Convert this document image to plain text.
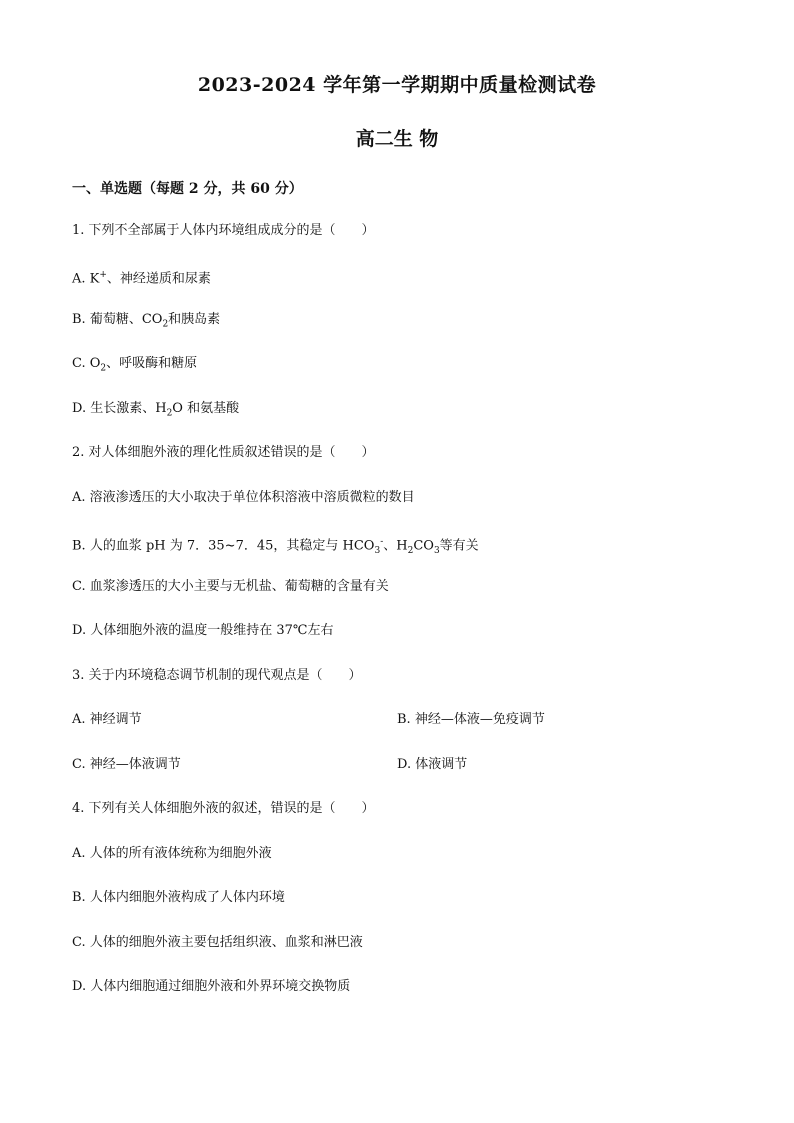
2023-2024 学年第一学期期中质量检测试卷
高二生 物
一、单选题（每题 2 分，共 60 分）
1. 下列不全部属于人体内环境组成成分的是（　　）
A. K+、神经递质和尿素
B. 葡萄糖、$CO_2$和胰岛素
C. $O_2$、呼吸酶和糖原
D. 生长激素、$H_2O$ 和氨基酸
2. 对人体细胞外液的理化性质叙述错误的是（　　）
A. 溶液渗透压的大小取决于单位体积溶液中溶质微粒的数目
B. 人的血浆 pH 为 7．35~7．45，其稳定与 $HCO_3^-$、$H_2CO_3$等有关
C. 血浆渗透压的大小主要与无机盐、葡萄糖的含量有关
D. 人体细胞外液的温度一般维持在 37℃左右
3. 关于内环境稳态调节机制的现代观点是（　　）
A. 神经调节	B. 神经—体液—免疫调节
C. 神经—体液调节	D. 体液调节
4. 下列有关人体细胞外液的叙述，错误的是（　　）
A. 人体的所有液体统称为细胞外液
B. 人体内细胞外液构成了人体内环境
C. 人体的细胞外液主要包括组织液、血浆和淋巴液
D. 人体内细胞通过细胞外液和外界环境交换物质
